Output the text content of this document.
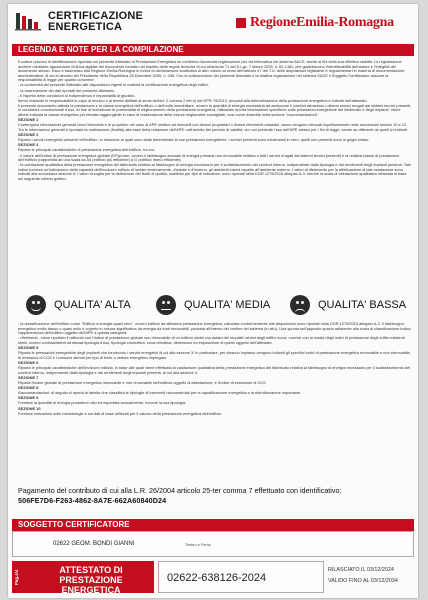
CERTIFICAZIONE
ENERGETICA	RegioneEmilia-Romagna
LEGENDA E NOTE PER LA COMPILAZIONE

Il codice univoco di identificazione riportato sul presente Attestato di Prestazione Energetica ne conferma l'avvenuta registrazione per via telematica nel sistema SACE, anche ai fini della sua effettiva validità. La registrazione avviene mediante apposizione di firma digitale del documento formato nel rispetto delle regole tecniche di cui all'articolo 71 del D.Lgs. 7 Marzo 2005, n. 82-CAD, che garantiscono l'identificabilità dell'autore e l'integrità del documento stesso. Esso è trasmesso alla Regione Emilia-Romagna in forma di dichiarazione sostitutiva di atto notorio ai sensi dell'articolo 47 del T.U. delle disposizioni legislative e regolamentari in materia di documentazione amministrativa, di cui al decreto del Presidente della Repubblica 28 Dicembre 2000, n. 445. Con la sottoscrizione del presente Attestato e la relativa registrazione nel sistema SACE il Soggetto Certificatore assume la responsabilità di legge per quanto concerne:

- la conformità del presente Attestato alle disposizioni vigenti in materia di certificazione energetica degli edifici,

- la osservazione dei dati riportati del presente Attestato,

- il rispetto delle condizioni di indipendenza e imparzialità di giudizio,

fermo restando le responsabilità in capo al tecnico o ai tecnici abilitati ai sensi dell'art. 2 comma 2 lett b) del DPR 75/2013, preposti alla determinazione della prestazione energetica e indicati nell'attestato.

Il presente documento attesta la prestazione e la classe energetica dell'edificio o dell'unità immobiliare, ovvero la quantità di energia necessaria ad assicurare il comfort attraverso i diversi servizi erogati dai sistemi tecnici presenti, in condizioni convenzionali d'uso. Al fine di individuare le potenzialità di miglioramento della prestazione energetica, l'attestato riporta informazioni specifiche sulle prestazioni energetiche del fabbricato e degli impianti. Viene altresì indicata la classe energetica più elevata raggiungibile in caso di realizzazione delle misure migliorative consigliate, così come descritte nella sezione "raccomandazioni".

SEZIONE 1

Contengono informazioni generali circa l'immobile e le proprietà: nel caso di APE relativo ad immobili con diversi proprietari o diversi riferimenti catastali, vanno vengono elencati rispettivamente nelle successive sezioni 10 e 12. Tra le informazioni generali è riportata la motivazione (finalità) alla base della redazione dell'APE: nell'ambito del periodo di validità, ciò non preclude l'uso dell'APE stesso per i fini di legge, anche se differenti da quelli ivi indicati.

SEZIONE 2

Riporta i servizi energetici presenti nell'edificio, in relazione ai quali sono state determinate le sue prestazioni energetiche. I servizi presenti sono evidenziati in nero, quelli non presenti sono in grigio chiaro.

SEZIONE 4

Riporta le principali caratteristiche di prestazione energetica dell'edificio, tra cui:

- il valore dell'indice di prestazione energetica globale (EPgl,nren, ovvero il fabbisogno annuale di energia primaria non rinnovabile relativa a tutti i servizi erogati dai sistemi tecnici presenti) e la relativa classe di prestazione dell'edificio (rapportata ad una scala da A4 (edificio più efficiente) a G (edificio meno efficiente);

- la valutazione qualitativa della prestazione energetica del fabbricato relativa al fabbisogno di energia necessario per il soddisfacimento del comfort interno, indipendente dalla tipologia e dai rendimenti degli impianti presenti. Tale indice fornisce un'indicazione della capacità dell'involucro edilizio di isolare termicamente, d'estate e d'inverno, gli ambienti interni rispetto all'ambiente esterno. I valori di riferimento per la effettuazione di tale valutazione sono indicati alla successiva sezione 6; i valori di soglia per la definizione dei livelli di qualità, suddivisi per tipo di indicatore, sono riportati nella DGR 1275/2015 allegato A-3, mentre la scala di valutazione qualitativa utilizzata si basa sul seguente criterio grafico:

QUALITA' ALTA	QUALITA' MEDIA	QUALITA' BASSA

- la classificazione dell'edificio come "Edificio a energia quasi zero", ovvero edificio ad altissima prestazione energetica, calcolata conformemente alle disposizioni sono riportati nella DGR 1275/2015 allegato A-3. Il fabbisogno energetico molto basso o quasi nullo è coperto in misura significativa da energia da fonti rinnovabili, prodotta all'interno del confine del sistema (in situ). Una spunta sull'apposito spazio adiacente alla scala di classificazione indica l'appartenenza dell'edificio oggetto dell'APE a questa categoria.

- riferimenti - viene riportato il raffronto con l'indice di prestazione globale non rinnovabile di un edificio simile ma dotato dei requisiti minimi degli edifici nuovi, nonché con la media degli indici di prestazione degli edifici esistenti simili, ovvero contraddistinti da stessa tipologia d'uso, tipologia costruttiva, zona climatica, dimensioni ed esposizione di quello oggetto dell'attestato.

SEZIONE 5

Riporta le prestazioni energetiche degli impianti che forniscono i servizi energetici di cui alla sezione 3: in particolare, per ciascun impianto vengono indicati gli specifici indici di prestazione energetica rinnovabile e non rinnovabile, le emissioni di CO2 e i consumi stimati per tipo di fonte o vettore energetico impiegato.

SEZIONE 6

Riporta le principali caratteristiche dell'involucro edilizio, in base alle quali viene effettuata la valutazione qualitativa della prestazione energetica del fabbricato relativa al fabbisogno di energia necessario per il soddisfacimento del comfort interno, indipendente dalla tipologia e dai rendimenti degli impianti presenti, di cui alla sezione 4.

SEZIONE 7

Riporta l'indice globale di prestazione energetica rinnovabile e non rinnovabile dell'edificio oggetto di attestazione, e l'indice di emissione di CO2.

SEZIONE 8

Raccomandazioni: di seguito si riporta la tabella che classifica le tipologie di interventi raccomandati per la riqualificazione energetica e la ristrutturazione importante.

SEZIONE 9

Fornisce la quantità di energia prodotta in situ ed esportata annualmente, nonché la sua tipologia.

SEZIONE 10

Fornisce indicazioni sulle metodologie e sui dati di base utilizzati per il calcolo della prestazione energetica dell'edificio.

Pagamento del contributo di cui alla L.R. 26/2004 articolo 25-ter comma 7 effettuato con identificativo:
506FE7D6-F263-4862-8A7E-662A60840D24
SOGGETTO CERTIFICATORE
02622 GEOM. BONDI GIANNI	Timbro e Firma
Pag.4/4	ATTESTATO DI
PRESTAZIONE ENERGETICA
02622-638126-2024
RILASCIATO IL 03/12/2024
VALIDO FINO AL 03/12/2034
